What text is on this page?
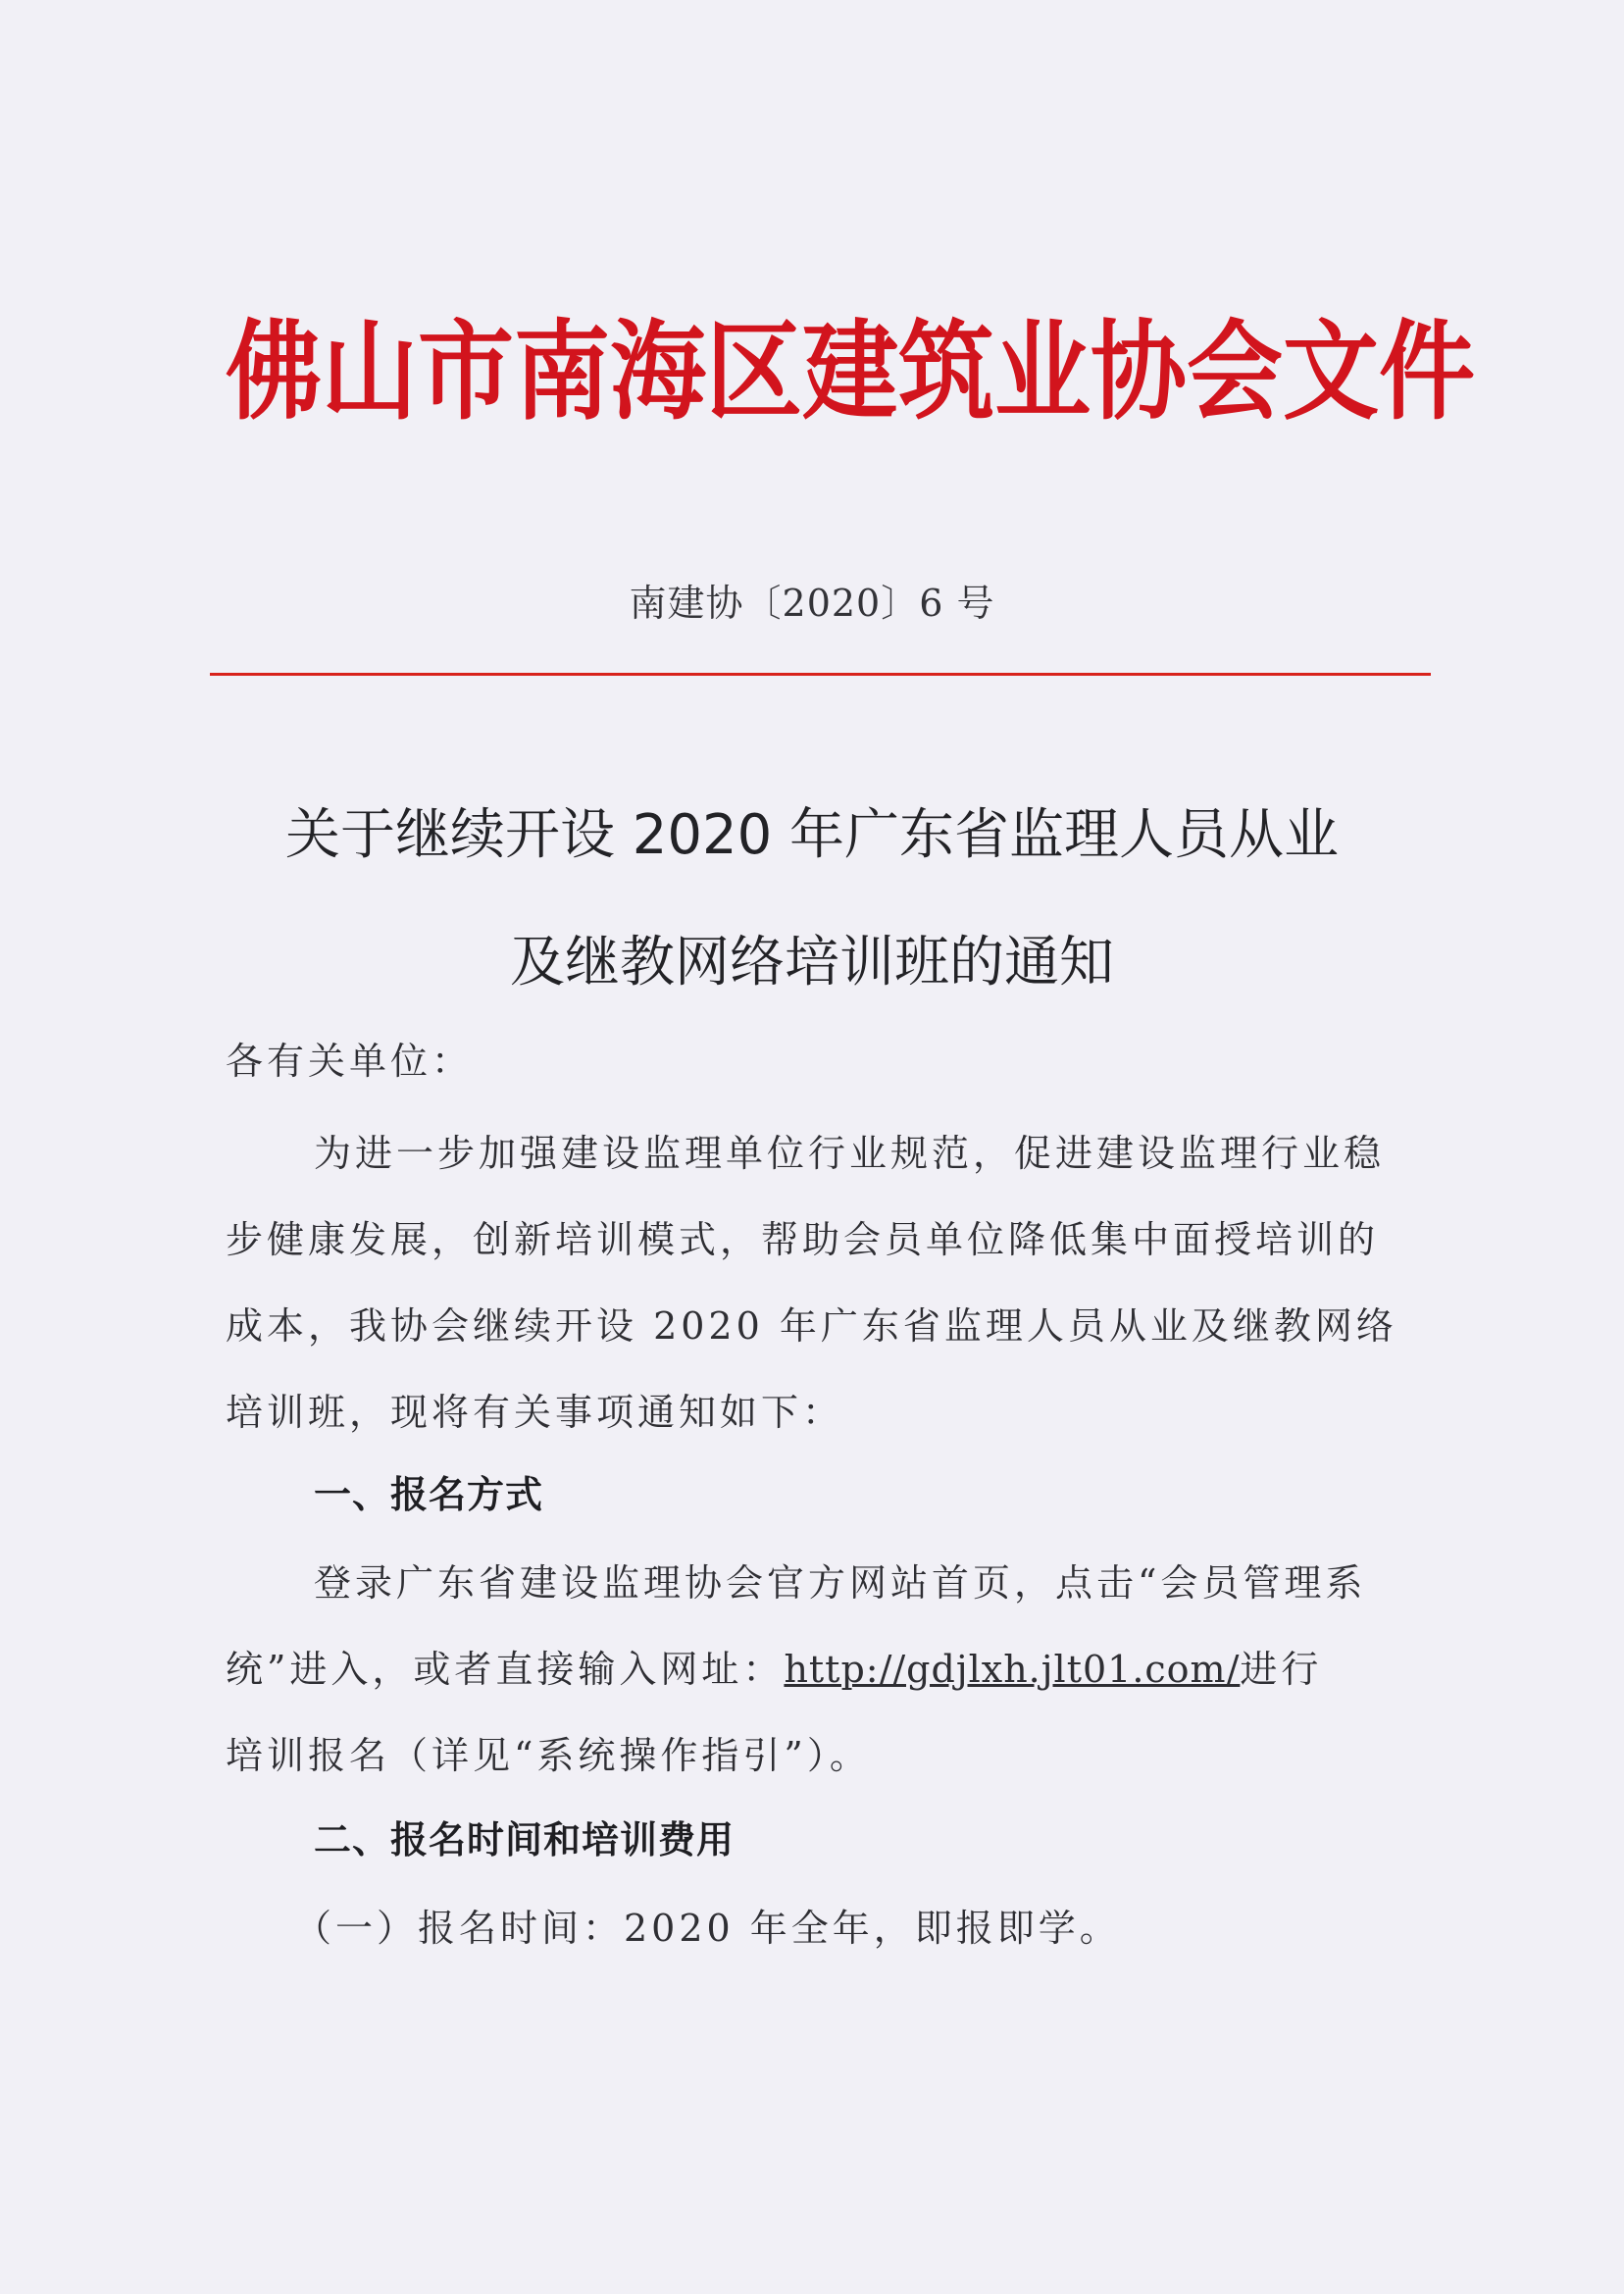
佛山市南海区建筑业协会文件
南建协〔2020〕6 号
关于继续开设 2020 年广东省监理人员从业
及继教网络培训班的通知

各有关单位：

为进一步加强建设监理单位行业规范，促进建设监理行业稳

步健康发展，创新培训模式，帮助会员单位降低集中面授培训的

成本，我协会继续开设 2020 年广东省监理人员从业及继教网络

培训班，现将有关事项通知如下：

一、报名方式

登录广东省建设监理协会官方网站首页，点击“会员管理系

统”进入，或者直接输入网址：http://gdjlxh.jlt01.com/进行

培训报名（详见“系统操作指引”）。

二、报名时间和培训费用

（一）报名时间：2020 年全年，即报即学。
